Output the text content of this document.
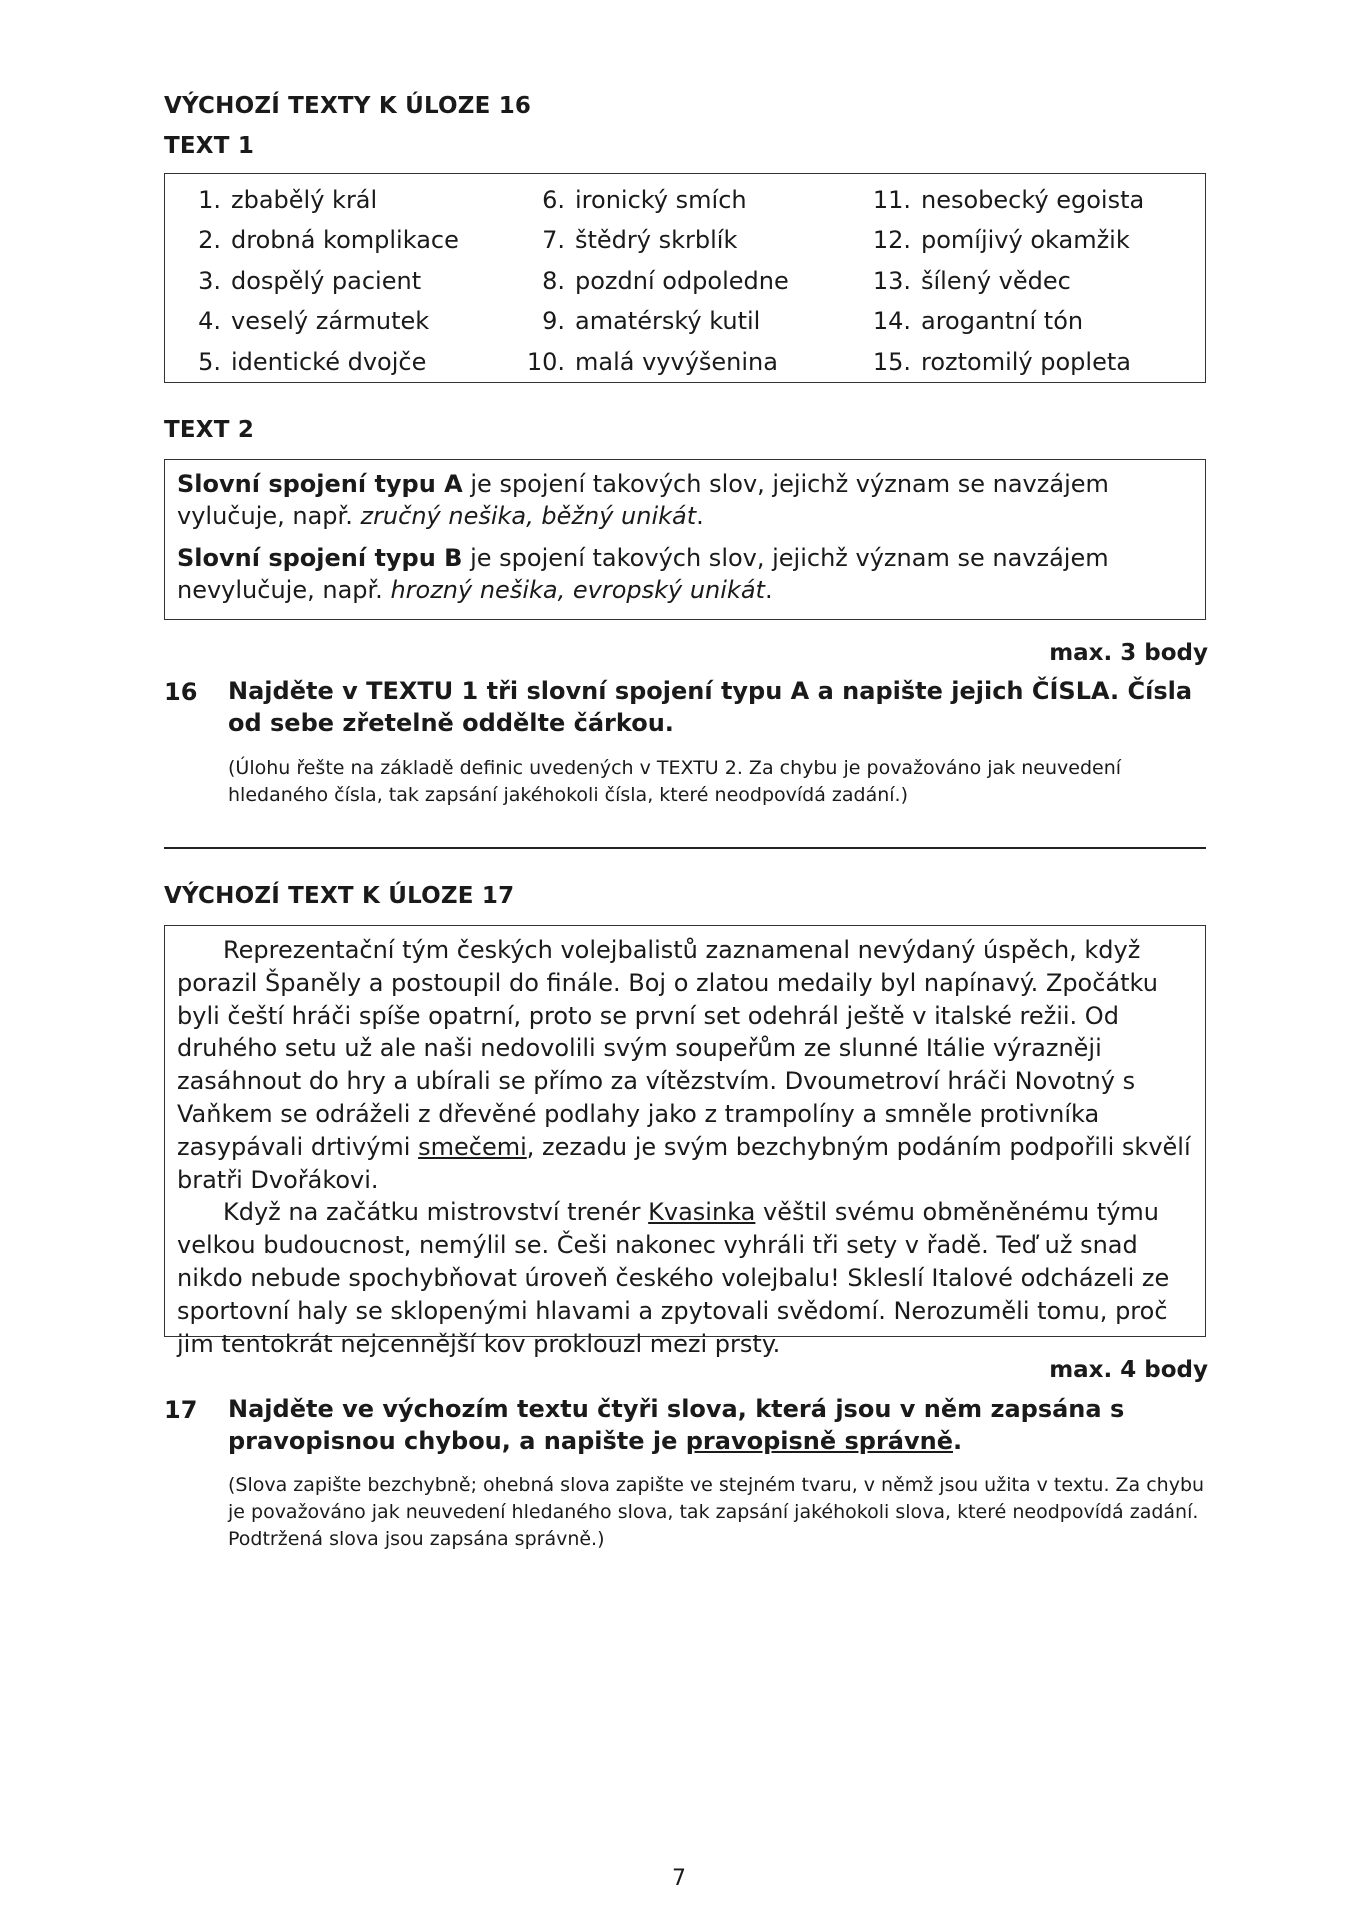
VÝCHOZÍ TEXTY K ÚLOZE 16
TEXT 1
1. zbabělý král
2. drobná komplikace
3. dospělý pacient
4. veselý zármutek
5. identické dvojče
6. ironický smích
7. štědrý skrblík
8. pozdní odpoledne
9. amatérský kutil
10. malá vyvýšenina
11. nesobecký egoista
12. pomíjivý okamžik
13. šílený vědec
14. arogantní tón
15. roztomilý popleta
TEXT 2

Slovní spojení typu A je spojení takových slov, jejichž význam se navzájem vylučuje, např. zručný nešika, běžný unikát.

Slovní spojení typu B je spojení takových slov, jejichž význam se navzájem nevylučuje, např. hrozný nešika, evropský unikát.

max. 3 body
16 Najděte v TEXTU 1 tři slovní spojení typu A a napište jejich ČÍSLA. Čísla od sebe zřetelně oddělte čárkou.
(Úlohu řešte na základě definic uvedených v TEXTU 2. Za chybu je považováno jak neuvedení hledaného čísla, tak zapsání jakéhokoli čísla, které neodpovídá zadání.)
VÝCHOZÍ TEXT K ÚLOZE 17

Reprezentační tým českých volejbalistů zaznamenal nevýdaný úspěch, když porazil Španěly a postoupil do finále. Boj o zlatou medaily byl napínavý. Zpočátku byli čeští hráči spíše opatrní, proto se první set odehrál ještě v italské režii. Od druhého setu už ale naši nedovolili svým soupeřům ze slunné Itálie výrazněji zasáhnout do hry a ubírali se přímo za vítězstvím. Dvoumetroví hráči Novotný s Vaňkem se odráželi z dřevěné podlahy jako z trampolíny a smněle protivníka zasypávali drtivými smečemi, zezadu je svým bezchybným podáním podpořili skvělí bratři Dvořákovi.

Když na začátku mistrovství trenér Kvasinka věštil svému obměněnému týmu velkou budoucnost, nemýlil se. Češi nakonec vyhráli tři sety v řadě. Teď už snad nikdo nebude spochybňovat úroveň českého volejbalu! Skleslí Italové odcházeli ze sportovní haly se sklopenými hlavami a zpytovali svědomí. Nerozuměli tomu, proč jim tentokrát nejcennější kov proklouzl mezi prsty.

max. 4 body
17 Najděte ve výchozím textu čtyři slova, která jsou v něm zapsána s pravopisnou chybou, a napište je pravopisně správně.
(Slova zapište bezchybně; ohebná slova zapište ve stejném tvaru, v němž jsou užita v textu. Za chybu je považováno jak neuvedení hledaného slova, tak zapsání jakéhokoli slova, které neodpovídá zadání. Podtržená slova jsou zapsána správně.)
7
